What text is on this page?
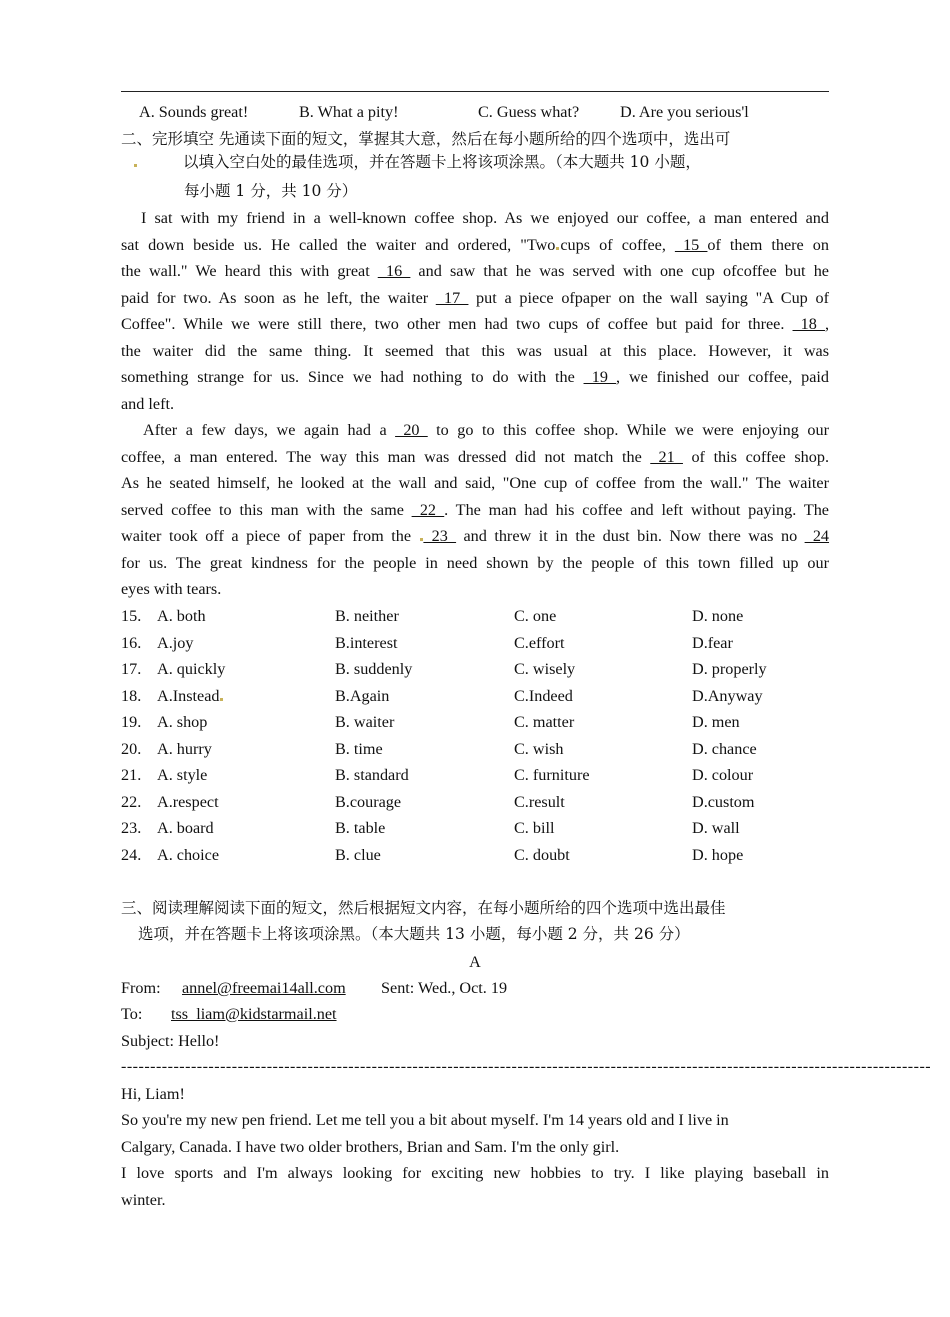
A. Sounds great!	B. What a pity!	C. Guess what?	D. Are you serious'l
二、完形填空 先通读下面的短文，掌握其大意，然后在每小题所给的四个选项中，选出可
以填入空白处的最佳选项，并在答题卡上将该项涂黑。（本大题共 10 小题，
每小题 1 分，共 10 分）
I sat with my friend in a well-known coffee shop. As we enjoyed our coffee, a man entered and
sat down beside us. He called the waiter and ordered, "Two cups of coffee, _15_of them there on
the wall." We heard this with great _16_ and saw that he was served with one cup ofcoffee but he
paid for two. As soon as he left, the waiter _17_ put a piece ofpaper on the wall saying "A Cup of
Coffee". While we were still there, two other men had two cups of coffee but paid for three. _18_,
the waiter did the same thing. It seemed that this was usual at this place. However, it was
something strange for us. Since we had nothing to do with the _19_, we finished our coffee, paid
and left.
After a few days, we again had a _20_ to go to this coffee shop. While we were enjoying our
coffee, a man entered. The way this man was dressed did not match the _21_ of this coffee shop.
As he seated himself, he looked at the wall and said, "One cup of coffee from the wall." The waiter
served coffee to this man with the same _22_. The man had his coffee and left without paying. The
waiter took off a piece of paper from the _23_ and threw it in the dust bin. Now there was no _24
for us. The great kindness for the people in need shown by the people of this town filled up our
eyes with tears.
15. A. both	B. neither	C. one	D. none
16. A.joy	B.interest	C.effort	D.fear
17. A. quickly	B. suddenly	C. wisely	D. properly
18. A.Instead	B.Again	C.Indeed	D.Anyway
19. A. shop	B. waiter	C. matter	D. men
20. A. hurry	B. time	C. wish	D. chance
21. A. style	B. standard	C. furniture	D. colour
22. A.respect	B.courage	C.result	D.custom
23. A. board	B. table	C. bill	D. wall
24. A. choice	B. clue	C. doubt	D. hope
三、阅读理解阅读下面的短文，然后根据短文内容，在每小题所给的四个选项中选出最佳
选项，并在答题卡上将该项涂黑。（本大题共 13 小题，每小题 2 分，共 26 分）
A
From: annel@freemai14all.com Sent: Wed., Oct. 19
To: tss_liam@kidstarmail.net
Subject: Hello!
-------------------------------------------------------------------------------------------------------------------------------------------
Hi, Liam!
So you're my new pen friend. Let me tell you a bit about myself. I'm 14 years old and I live in
Calgary, Canada. I have two older brothers, Brian and Sam. I'm the only girl.
I love sports and I'm always looking for exciting new hobbies to try. I like playing baseball in
winter.
